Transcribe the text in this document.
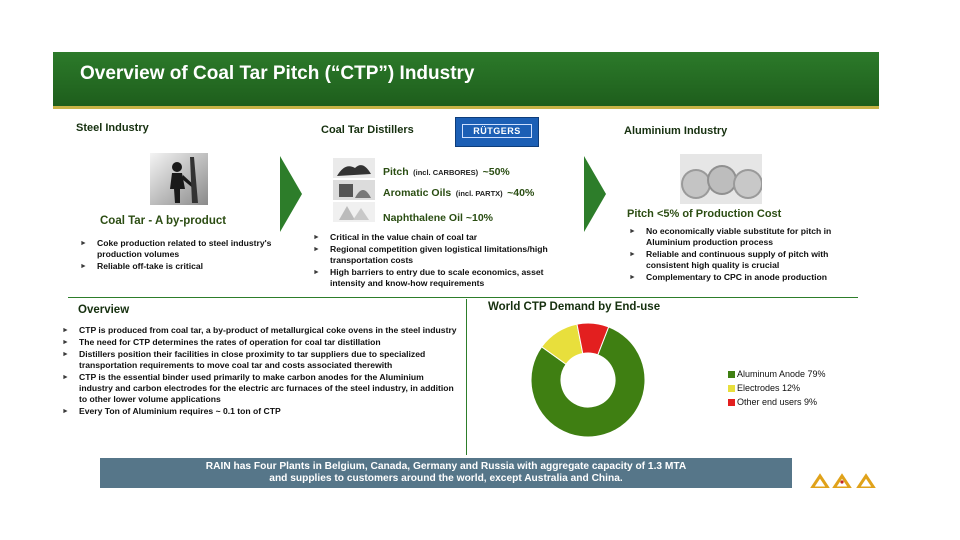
Overview of Coal Tar Pitch (“CTP”) Industry
Steel Industry
Coal Tar - A by-product
► Coke production related to steel industry's production volumes
► Reliable off-take is critical
Coal Tar Distillers	RÜTGERS
Pitch (incl. CARBORES) ~50%
Aromatic Oils (incl. PARTX) ~40%
Naphthalene Oil ~10%
► Critical in the value chain of coal tar
► Regional competition given logistical limitations/high transportation costs
► High barriers to entry due to scale economics, asset intensity and know-how requirements
Aluminium Industry
Pitch <5% of Production Cost
► No economically viable substitute for pitch in Aluminium production process
► Reliable and continuous supply of pitch with consistent high quality is crucial
► Complementary to CPC in anode production
Overview
► CTP is produced from coal tar, a by-product of metallurgical coke ovens in the steel industry
► The need for CTP determines the rates of operation for coal tar distillation
► Distillers position their facilities in close proximity to tar suppliers due to specialized transportation requirements to move coal tar and costs associated therewith
► CTP is the essential binder used primarily to make carbon anodes for the Aluminium industry and carbon electrodes for the electric arc furnaces of the steel industry, in addition to other lower volume applications
► Every Ton of Aluminium requires ~ 0.1 ton of CTP
World CTP Demand by End-use
Aluminum Anode 79%
Electrodes 12%
Other end users 9%
RAIN has Four Plants in Belgium, Canada, Germany and Russia with aggregate capacity of 1.3 MTA
and supplies to customers around the world, except Australia and China.
